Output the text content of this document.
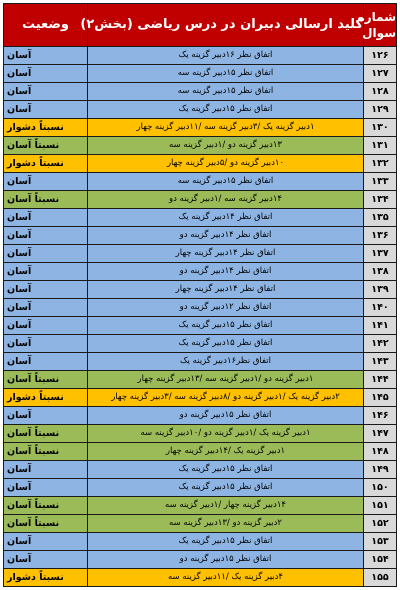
شماره
سوال	کلید ارسالی دبیران در درس ریاضی (بخش۲)	وضعیت
۱۲۶	اتفاق نظر ۱۶دبیر گزینه یک	آسان
۱۲۷	اتفاق نظر ۱۵دبیر گزینه سه	آسان
۱۲۸	اتفاق نظر ۱۵دبیر گزینه سه	آسان
۱۲۹	اتفاق نظر ۱۵دبیر گزینه یک	آسان
۱۳۰	۱دبیر گزینه یک /۳دبیر گزینه سه /۱۱دبیر گزینه چهار	نسبتاً دشوار
۱۳۱	۱۳دبیر گزینه دو /۱دبیر گزینه سه	نسبتاً آسان
۱۳۲	۱۰دبیر گزینه دو /۵دبیر گزینه چهار	نسبتاً دشوار
۱۳۳	اتفاق نظر ۱۵دبیر گزینه سه	آسان
۱۳۴	۱۴دبیر گزینه سه /۱دبیر گزینه دو	نسبتاً آسان
۱۳۵	اتفاق نظر ۱۴دبیر گزینه یک	آسان
۱۳۶	اتفاق نظر ۱۴دبیر گزینه دو	آسان
۱۳۷	اتفاق نظر ۱۴دبیر گزینه چهار	آسان
۱۳۸	اتفاق نظر ۱۴دبیر گزینه دو	آسان
۱۳۹	اتفاق نظر ۱۴دبیر گزینه چهار	آسان
۱۴۰	اتفاق نظر ۱۲دبیر گزینه دو	آسان
۱۴۱	اتفاق نظر ۱۵دبیر گزینه یک	آسان
۱۴۲	اتفاق نظر ۱۵دبیر گزینه یک	آسان
۱۴۳	اتفاق نظر۱۶دبیر گزینه یک	آسان
۱۴۴	۱دبیر گزینه دو /۱دبیر گزینه سه /۱۳دبیر گزینه چهار	نسبتاً آسان
۱۴۵	۲دبیر گزینه یک /۱دبیر گزینه دو /۸دبیر گزینه سه /۳دبیر گزینه چهار	نسبتاً دشوار
۱۴۶	اتفاق نظر ۱۵دبیر گزینه دو	آسان
۱۴۷	۱دبیر گزینه یک /۱دبیر گزینه دو /۱۰دبیر گزینه سه	نسبتاً آسان
۱۴۸	۱دبیر گزینه یک /۱۴دبیر گزینه چهار	نسبتاً آسان
۱۴۹	اتفاق نظر ۱۵دبیر گزینه یک	آسان
۱۵۰	اتفاق نظر ۱۵دبیر گزینه یک	آسان
۱۵۱	۱۴دبیر گزینه چهار /۱دبیر گزینه سه	نسبتاً آسان
۱۵۲	۲دبیر گزینه دو /۱۳دبیر گزینه سه	نسبتاً آسان
۱۵۳	اتفاق نظر ۱۵دبیر گزینه یک	آسان
۱۵۴	اتفاق نظر ۱۵دبیر گزینه دو	آسان
۱۵۵	۴دبیر گزینه یک /۱۱دبیر گزینه سه	نسبتاً دشوار
